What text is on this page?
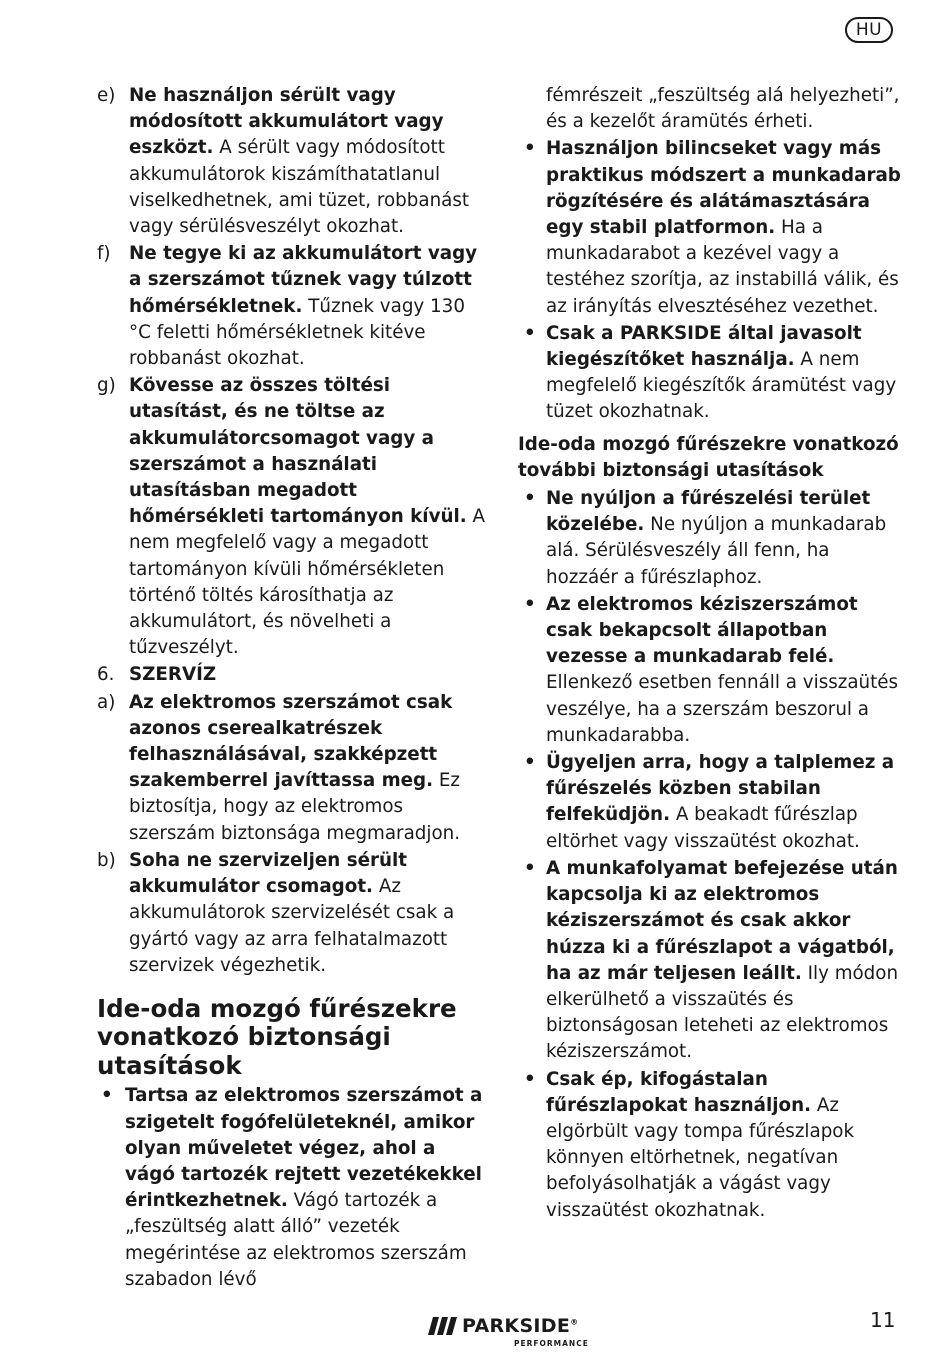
HU
e) Ne használjon sérült vagy módosított akkumulátort vagy eszközt. A sérült vagy módosított akkumulátorok kiszámíthatatlanul viselkedhetnek, ami tüzet, robbanást vagy sérülésveszélyt okozhat.
f)	Ne tegye ki az akkumulátort vagy a szerszámot tűznek vagy túlzott hőmérsékletnek. Tűznek vagy 130 °C feletti hőmérsékletnek kitéve robbanást okozhat.
g) Kövesse az összes töltési utasítást, és ne töltse az akkumulátorcsomagot vagy a szerszámot a használati utasításban megadott hőmérsékleti tartományon kívül. A nem megfelelő vagy a megadott tartományon kívüli hőmérsékleten történő töltés károsíthatja az akkumulátort, és növelheti a tűzveszélyt.
6. SZERVÍZ
a) Az elektromos szerszámot csak azonos cserealkatrészek felhasználásával, szakképzett szakemberrel javíttassa meg. Ez biztosítja, hogy az elektromos szerszám biztonsága megmaradjon.
b) Soha ne szervizeljen sérült akkumulátor csomagot. Az akkumulátorok szervizelését csak a gyártó vagy az arra felhatalmazott szervizek végezhetik.
Ide-oda mozgó fűrészekre vonatkozó biztonsági utasítások
• Tartsa az elektromos szerszámot a szigetelt fogófelületeknél, amikor olyan műveletet végez, ahol a vágó tartozék rejtett vezetékekkel érintkezhetnek. Vágó tartozék a „feszültség alatt álló” vezeték megérintése az elektromos szerszám szabadon lévő
fémrészeit „feszültség alá helyezheti”, és a kezelőt áramütés érheti.
• Használjon bilincseket vagy más praktikus módszert a munkadarab rögzítésére és alátámasztására egy stabil platformon. Ha a munkadarabot a kezével vagy a testéhez szorítja, az instabillá válik, és az irányítás elvesztéséhez vezethet.
• Csak a PARKSIDE által javasolt kiegészítőket használja. A nem megfelelő kiegészítők áramütést vagy tüzet okozhatnak.
Ide-oda mozgó fűrészekre vonatkozó további biztonsági utasítások
• Ne nyúljon a fűrészelési terület közelébe. Ne nyúljon a munkadarab alá. Sérülésveszély áll fenn, ha hozzáér a fűrészlaphoz.
• Az elektromos kéziszerszámot csak bekapcsolt állapotban vezesse a munkadarab felé. Ellenkező esetben fennáll a visszaütés veszélye, ha a szerszám beszorul a munkadarabba.
• Ügyeljen arra, hogy a talplemez a fűrészelés közben stabilan felfeküdjön. A beakadt fűrészlap eltörhet vagy visszaütést okozhat.
• A munkafolyamat befejezése után kapcsolja ki az elektromos kéziszerszámot és csak akkor húzza ki a fűrészlapot a vágatból, ha az már teljesen leállt. Ily módon elkerülhető a visszaütés és biztonságosan leteheti az elektromos kéziszerszámot.
• Csak ép, kifogástalan fűrészlapokat használjon. Az elgörbült vagy tompa fűrészlapok könnyen eltörhetnek, negatívan befolyásolhatják a vágást vagy visszaütést okozhatnak.
PARKSIDE®
PERFORMANCE
11
